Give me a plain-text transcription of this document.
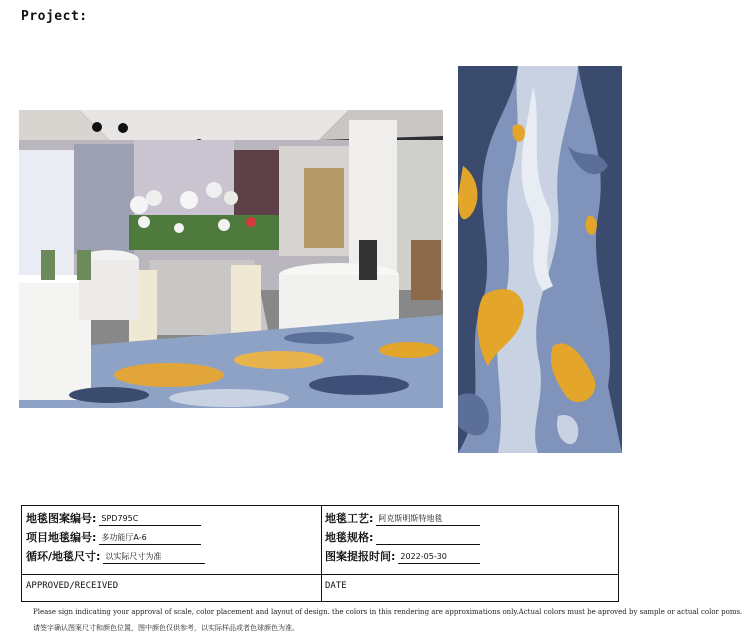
Project:
地毯图案编号: SPD795C
项目地毯编号: 多功能厅A-6
循环/地毯尺寸: 以实际尺寸为准
地毯工艺: 阿克斯明斯特地毯
地毯规格:
图案提报时间: 2022-05-30
APPROVED/RECEIVED	DATE
Please sign indicating your approval of scale, color placement and layout of design. the colors in this rendering are approximations only.Actual colors must be aproved by sample or actual color poms.
请签字确认图案尺寸和颜色位置，图中颜色仅供参考，以实际样品或者色球颜色为准。
